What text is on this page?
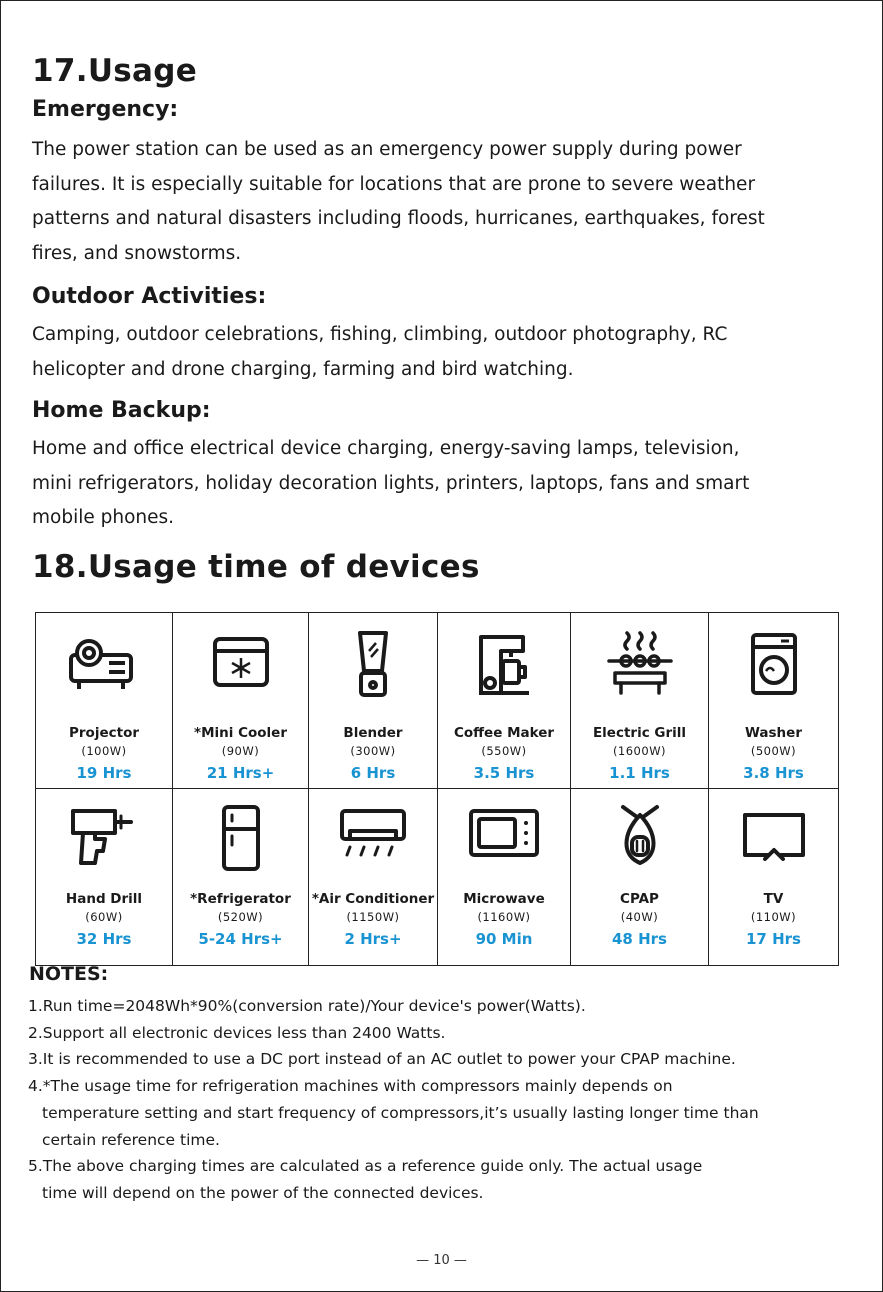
17.Usage
Emergency:
The power station can be used as an emergency power supply during power
failures. It is especially suitable for locations that are prone to severe weather
patterns and natural disasters including floods, hurricanes, earthquakes, forest
fires, and snowstorms.
Outdoor Activities:
Camping, outdoor celebrations, fishing, climbing, outdoor photography, RC
helicopter and drone charging, farming and bird watching.
Home Backup:
Home and office electrical device charging, energy-saving lamps, television,
mini refrigerators, holiday decoration lights, printers, laptops, fans and smart
mobile phones.
18.Usage time of devices
Projector
(100W)
19 Hrs	*Mini Cooler
(90W)
21 Hrs+	Blender
(300W)
6 Hrs	Coffee Maker
(550W)
3.5 Hrs	Electric Grill
(1600W)
1.1 Hrs	Washer
(500W)
3.8 Hrs

Hand Drill
(60W)
32 Hrs	*Refrigerator
(520W)
5-24 Hrs+	*Air Conditioner
(1150W)
2 Hrs+	Microwave
(1160W)
90 Min	CPAP
(40W)
48 Hrs	TV
(110W)
17 Hrs
NOTES:
1.Run time=2048Wh*90%(conversion rate)/Your device's power(Watts).
2.Support all electronic devices less than 2400 Watts.
3.It is recommended to use a DC port instead of an AC outlet to power your CPAP machine.
4.*The usage time for refrigeration machines with compressors mainly depends on
temperature setting and start frequency of compressors,it’s usually lasting longer time than
certain reference time.
5.The above charging times are calculated as a reference guide only. The actual usage
time will depend on the power of the connected devices.
— 10 —
